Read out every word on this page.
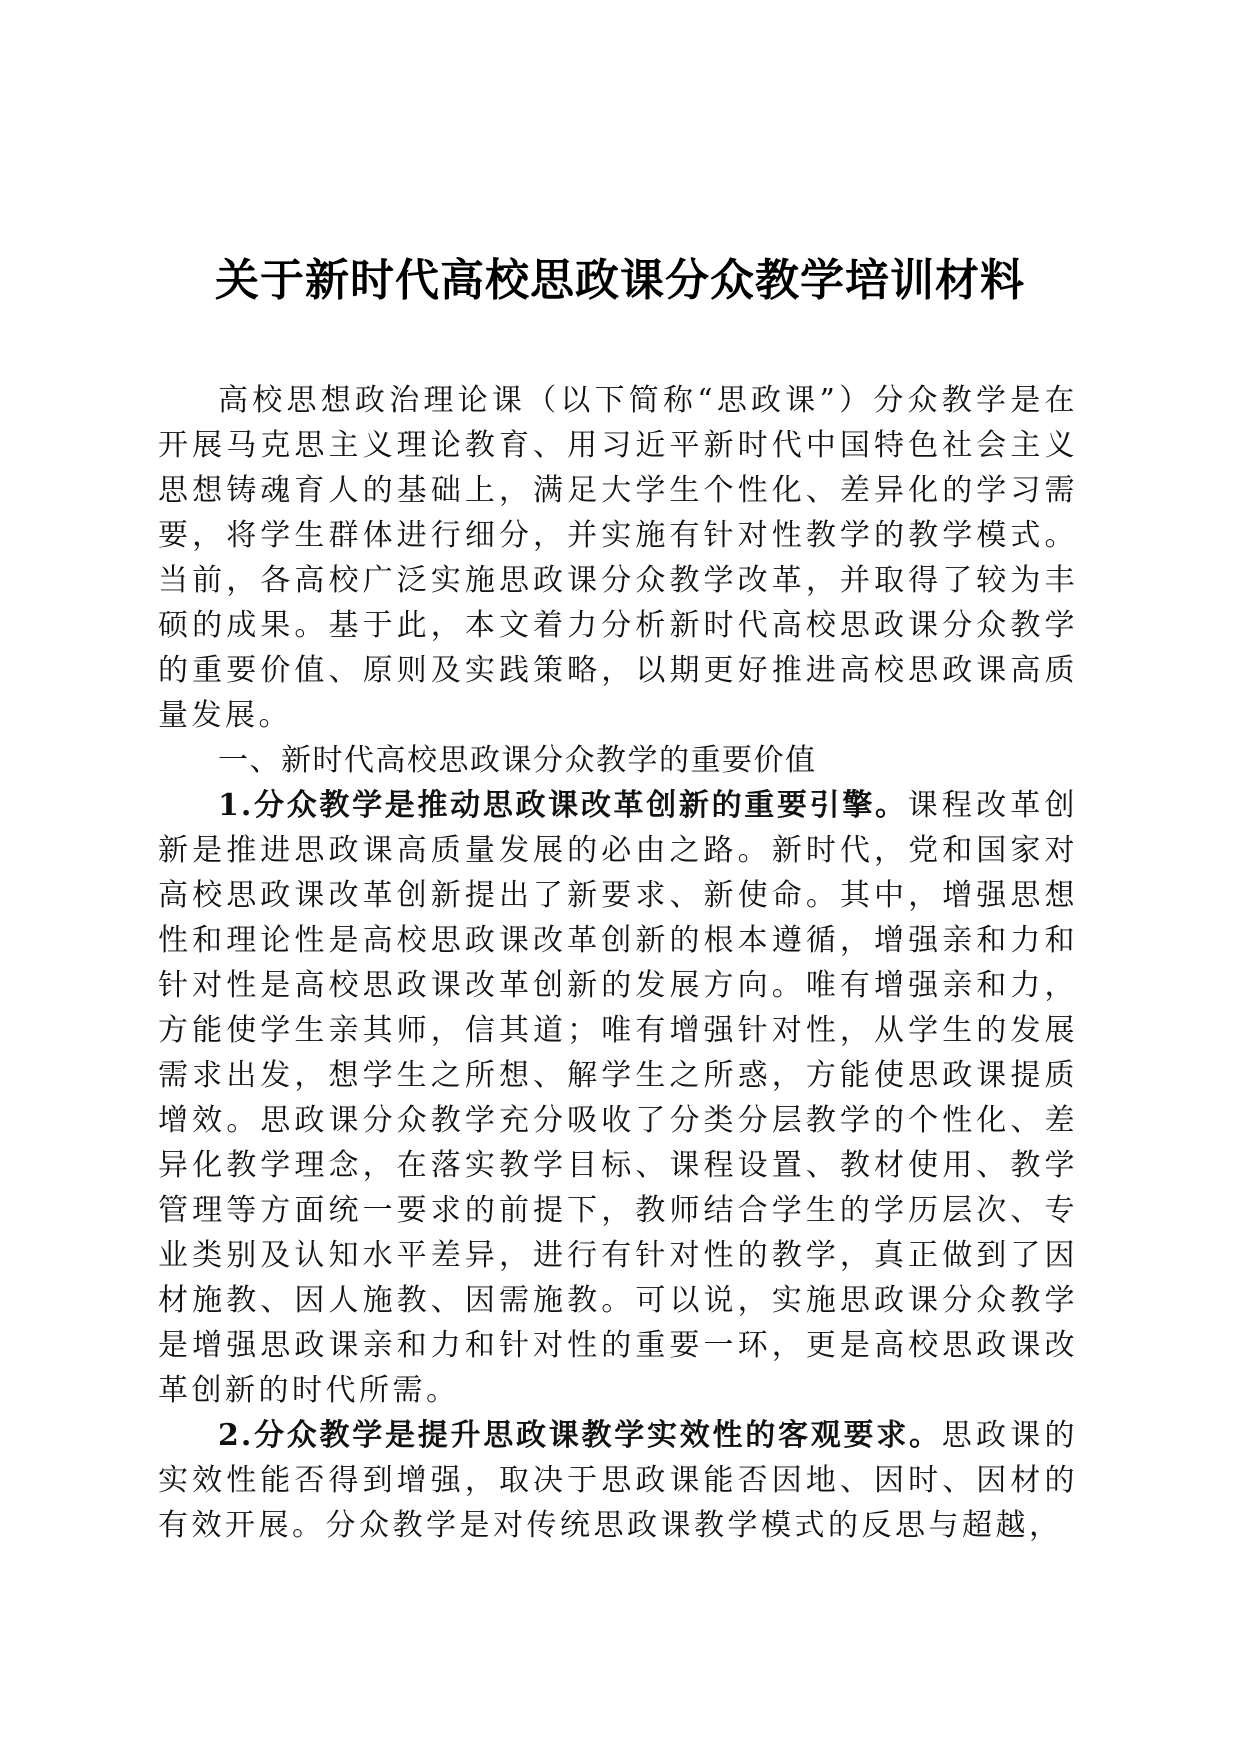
关于新时代高校思政课分众教学培训材料

高校思想政治理论课（以下简称“思政课”）分众教学是在开展马克思主义理论教育、用习近平新时代中国特色社会主义思想铸魂育人的基础上，满足大学生个性化、差异化的学习需要，将学生群体进行细分，并实施有针对性教学的教学模式。当前，各高校广泛实施思政课分众教学改革，并取得了较为丰硕的成果。基于此，本文着力分析新时代高校思政课分众教学的重要价值、原则及实践策略，以期更好推进高校思政课高质量发展。

一、新时代高校思政课分众教学的重要价值

1.分众教学是推动思政课改革创新的重要引擎。课程改革创新是推进思政课高质量发展的必由之路。新时代，党和国家对高校思政课改革创新提出了新要求、新使命。其中，增强思想性和理论性是高校思政课改革创新的根本遵循，增强亲和力和针对性是高校思政课改革创新的发展方向。唯有增强亲和力，方能使学生亲其师，信其道；唯有增强针对性，从学生的发展需求出发，想学生之所想、解学生之所惑，方能使思政课提质增效。思政课分众教学充分吸收了分类分层教学的个性化、差异化教学理念，在落实教学目标、课程设置、教材使用、教学管理等方面统一要求的前提下，教师结合学生的学历层次、专业类别及认知水平差异，进行有针对性的教学，真正做到了因材施教、因人施教、因需施教。可以说，实施思政课分众教学是增强思政课亲和力和针对性的重要一环，更是高校思政课改革创新的时代所需。

2.分众教学是提升思政课教学实效性的客观要求。思政课的实效性能否得到增强，取决于思政课能否因地、因时、因材的有效开展。分众教学是对传统思政课教学模式的反思与超越，
